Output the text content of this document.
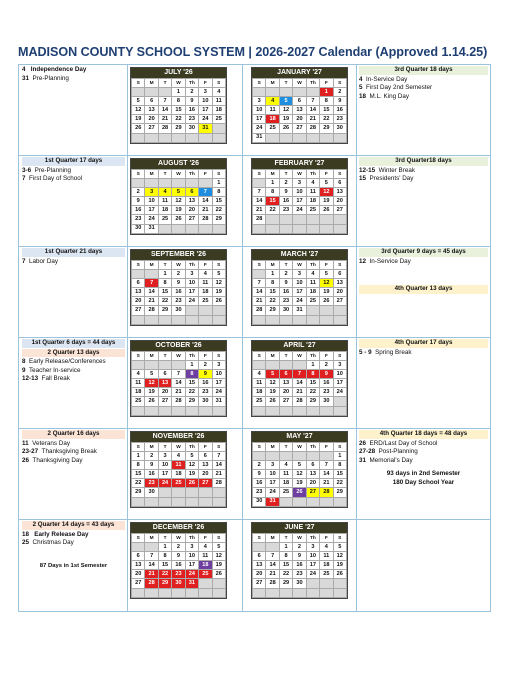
MADISON COUNTY SCHOOL SYSTEM | 2026-2027 Calendar (Approved 1.14.25)
4 Independence Day
31 Pre-Planning
1st Quarter 17 days
3-6 Pre-Planning
7 First Day of School
1st Quarter 21 days
7 Labor Day
1st Quarter 6 days = 44 days
2 Quarter 13 days
8 Early Release/Conferences
9 Teacher In-service
12-13 Fall Break
2 Quarter 16 days
11 Veterans Day
23-27 Thanksgiving Break
26 Thanksgiving Day
2 Quarter 14 days = 43 days
18 Early Release Day
25 Christmas Day
87 Days in 1st Semester
3rd Quarter 18 days
4 In-Service Day
5 First Day 2nd Semester
18 M.L. King Day
3rd Quarter18 days
12-15 Winter Break
15 Presidents' Day
3rd Quarter 9 days = 45 days
12 In-Service Day
4th Quarter 13 days
4th Quarter 17 days
5 - 9 Spring Break
4th Quarter 18 days = 48 days
26 ERD/Last Day of School
27-28 Post-Planning
31 Memorial's Day
93 days in 2nd Semester
180 Day School Year
JULY '26
S	M	T	W	Th	F	S
			1	2	3	4
5	6	7	8	9	10	11
12	13	14	15	16	17	18
19	20	21	22	23	24	25
26	27	28	29	30	31	

AUGUST '26
S	M	T	W	Th	F	S
						1
2	3	4	5	6	7	8
9	10	11	12	13	14	15
16	17	18	19	20	21	22
23	24	25	26	27	28	29
30	31					
SEPTEMBER '26
S	M	T	W	Th	F	S
		1	2	3	4	5
6	7	8	9	10	11	12
13	14	15	16	17	18	19
20	21	22	23	24	25	26
27	28	29	30			

OCTOBER '26
S	M	T	W	Th	F	S
				1	2	3
4	5	6	7	8	9	10
11	12	13	14	15	16	17
18	19	20	21	22	23	24
25	26	27	28	29	30	31

NOVEMBER '26
S	M	T	W	Th	F	S
1	2	3	4	5	6	7
8	9	10	11	12	13	14
15	16	17	18	19	20	21
22	23	24	25	26	27	28
29	30					

DECEMBER '26
S	M	T	W	Th	F	S
		1	2	3	4	5
6	7	8	9	10	11	12
13	14	15	16	17	18	19
20	21	22	23	24	25	26
27	28	29	30	31		

JANUARY '27
S	M	T	W	Th	F	S
					1	2
3	4	5	6	7	8	9
10	11	12	13	14	15	16
17	18	19	20	21	22	23
24	25	26	27	28	29	30
31						
FEBRUARY '27
S	M	T	W	Th	F	S
	1	2	3	4	5	6
7	8	9	10	11	12	13
14	15	16	17	18	19	20
21	22	23	24	25	26	27
28						

MARCH '27
S	M	T	W	Th	F	S
	1	2	3	4	5	6
7	8	9	10	11	12	13
14	15	16	17	18	19	20
21	22	23	24	25	26	27
28	29	30	31			

APRIL '27
S	M	T	W	Th	F	S
				1	2	3
4	5	6	7	8	9	10
11	12	13	14	15	16	17
18	19	20	21	22	23	24
25	26	27	28	29	30	

MAY '27
S	M	T	W	Th	F	S
						1
2	3	4	5	6	7	8
9	10	11	12	13	14	15
16	17	18	19	20	21	22
23	24	25	26	27	28	29
30	31					
JUNE '27
S	M	T	W	Th	F	S
		1	2	3	4	5
6	7	8	9	10	11	12
13	14	15	16	17	18	19
20	21	22	23	24	25	26
27	28	29	30			
